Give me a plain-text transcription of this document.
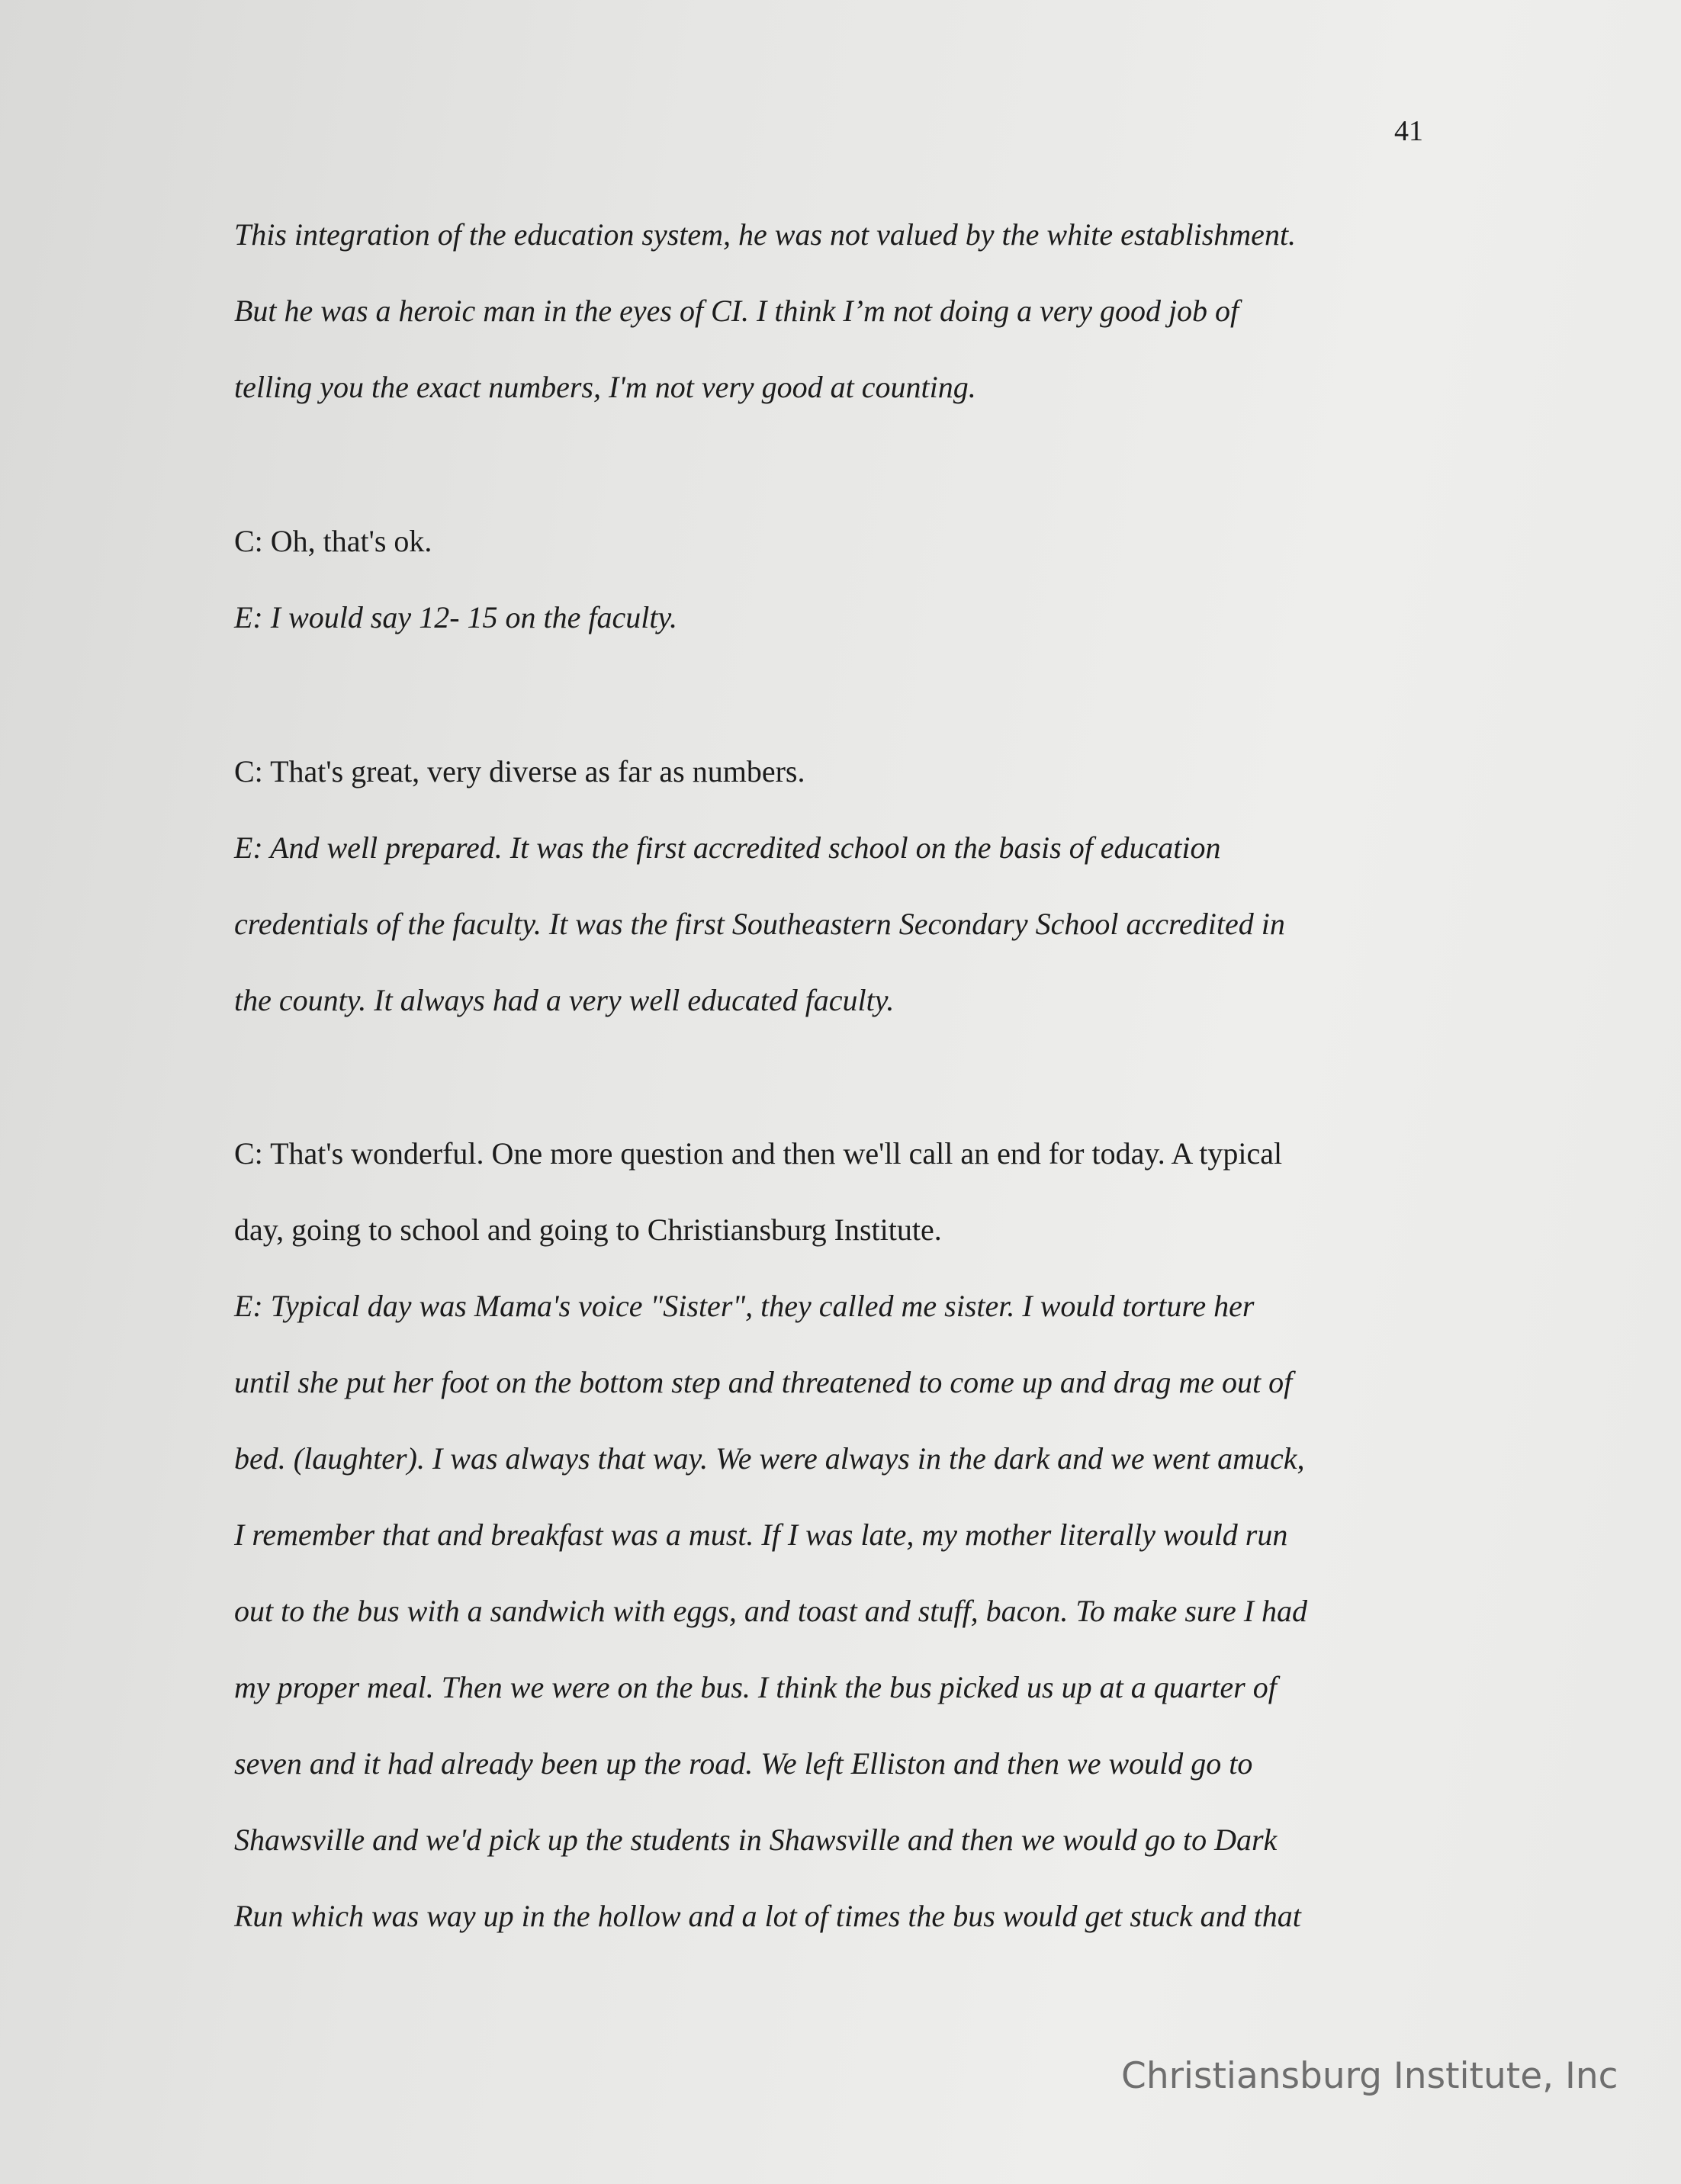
41
This integration of the education system, he was not valued by the white establishment.
But he was a heroic man in the eyes of CI. I think I’m not doing a very good job of
telling you the exact numbers, I'm not very good at counting.
C: Oh, that's ok.
E: I would say 12- 15 on the faculty.
C: That's great, very diverse as far as numbers.
E: And well prepared. It was the first accredited school on the basis of education
credentials of the faculty. It was the first Southeastern Secondary School accredited in
the county. It always had a very well educated faculty.
C: That's wonderful. One more question and then we'll call an end for today. A typical
day, going to school and going to Christiansburg Institute.
E: Typical day was Mama's voice "Sister", they called me sister. I would torture her
until she put her foot on the bottom step and threatened to come up and drag me out of
bed. (laughter). I was always that way. We were always in the dark and we went amuck,
I remember that and breakfast was a must. If I was late, my mother literally would run
out to the bus with a sandwich with eggs, and toast and stuff, bacon. To make sure I had
my proper meal. Then we were on the bus. I think the bus picked us up at a quarter of
seven and it had already been up the road. We left Elliston and then we would go to
Shawsville and we'd pick up the students in Shawsville and then we would go to Dark
Run which was way up in the hollow and a lot of times the bus would get stuck and that
Christiansburg Institute, Inc
